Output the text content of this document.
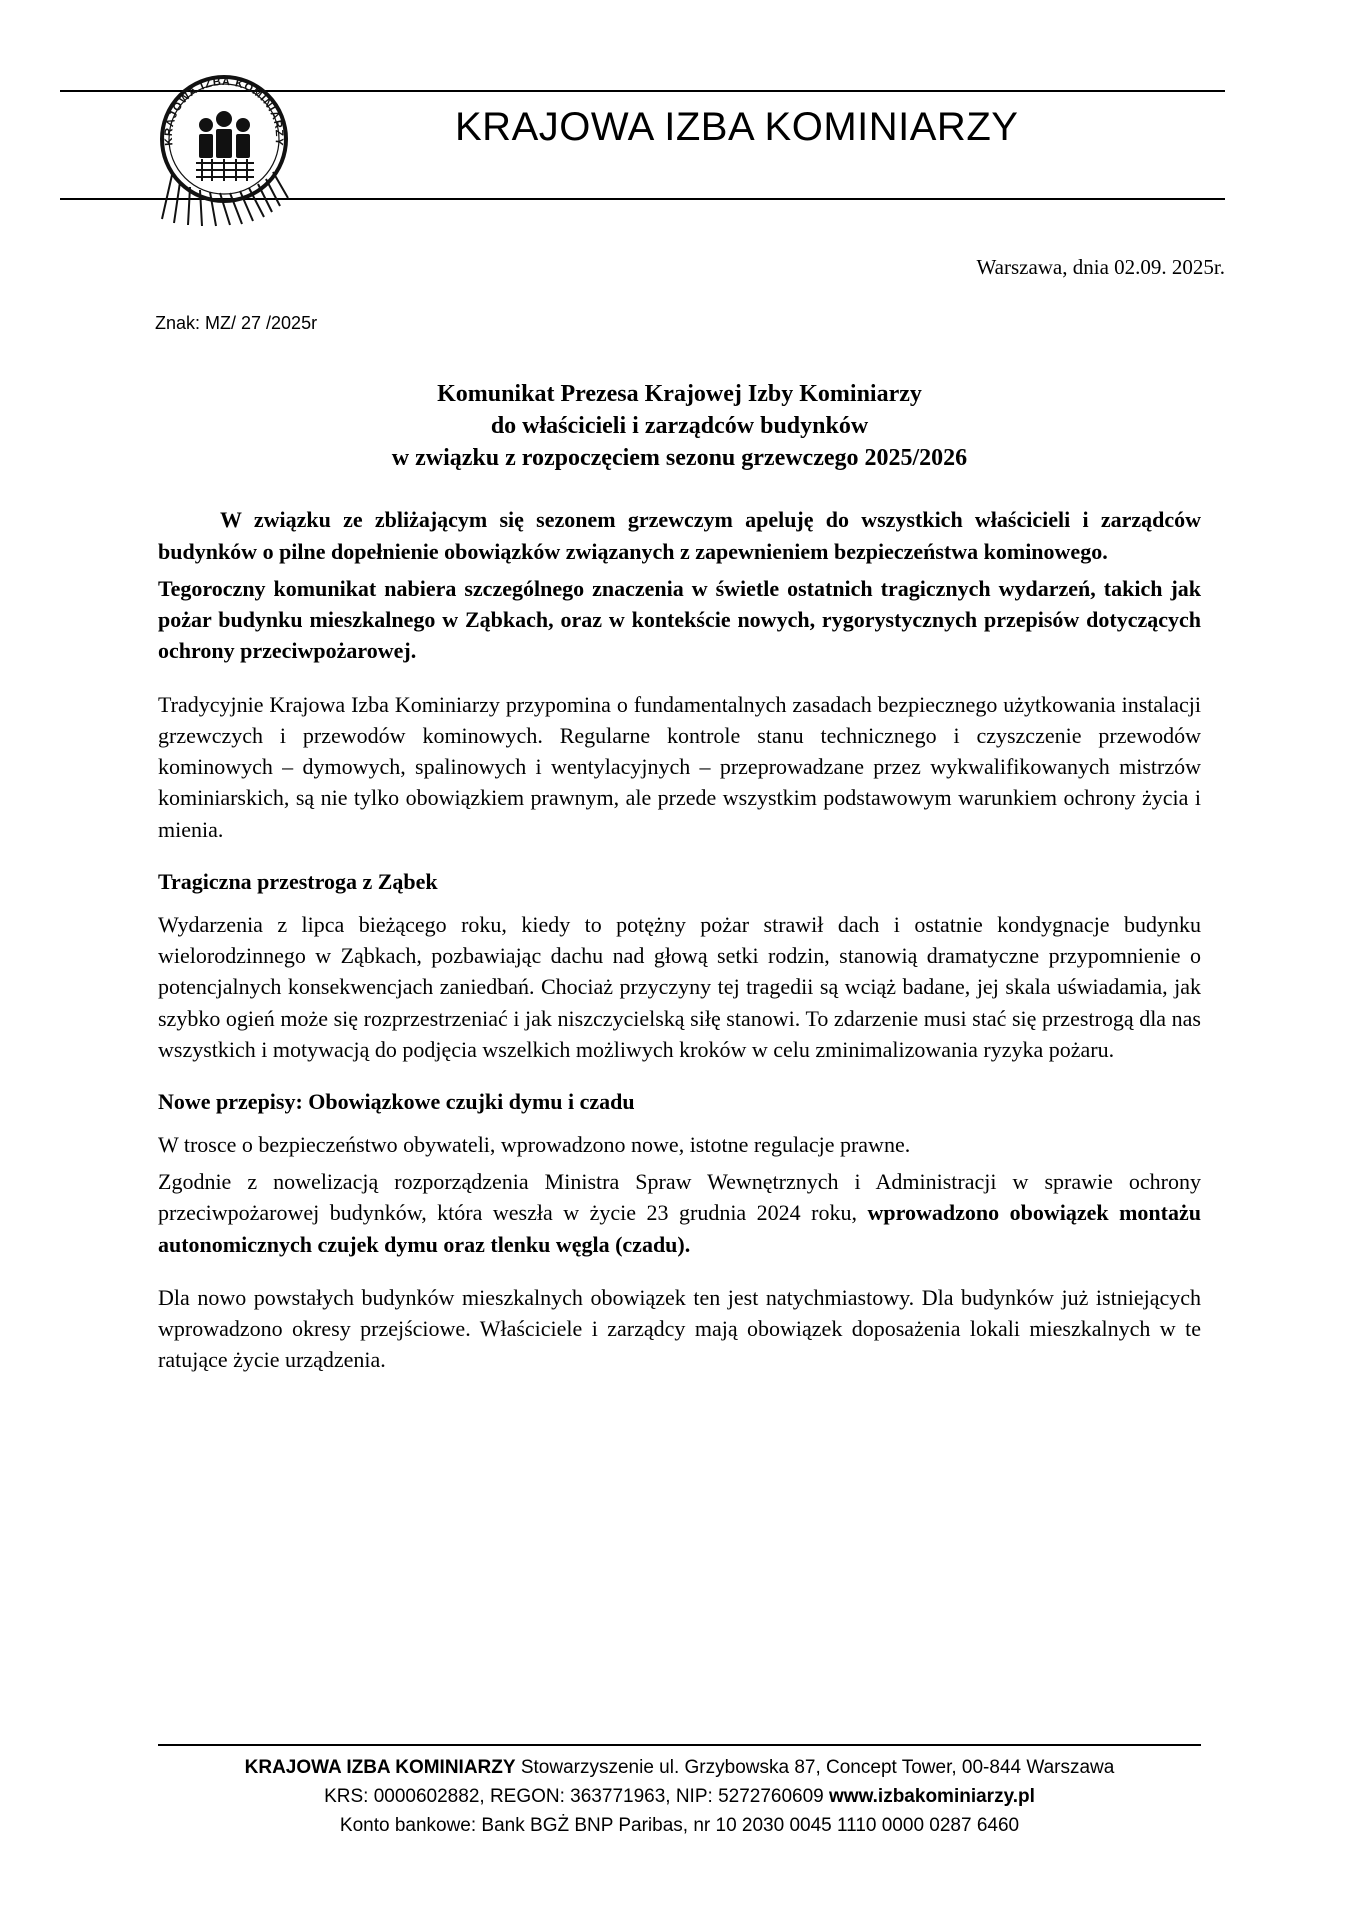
KRAJOWA IZBA KOMINIARZY	KRAJOWA IZBA KOMINIARZY
Warszawa, dnia 02.09. 2025r.
Znak: MZ/ 27 /2025r
Komunikat Prezesa Krajowej Izby Kominiarzy
do właścicieli i zarządców budynków
w związku z rozpoczęciem sezonu grzewczego 2025/2026

W związku ze zbliżającym się sezonem grzewczym apeluję do wszystkich właścicieli i zarządców budynków o pilne dopełnienie obowiązków związanych z zapewnieniem bezpieczeństwa kominowego.

Tegoroczny komunikat nabiera szczególnego znaczenia w świetle ostatnich tragicznych wydarzeń, takich jak pożar budynku mieszkalnego w Ząbkach, oraz w kontekście nowych, rygorystycznych przepisów dotyczących ochrony przeciwpożarowej.

Tradycyjnie Krajowa Izba Kominiarzy przypomina o fundamentalnych zasadach bezpiecznego użytkowania instalacji grzewczych i przewodów kominowych. Regularne kontrole stanu technicznego i czyszczenie przewodów kominowych – dymowych, spalinowych i wentylacyjnych – przeprowadzane przez wykwalifikowanych mistrzów kominiarskich, są nie tylko obowiązkiem prawnym, ale przede wszystkim podstawowym warunkiem ochrony życia i mienia.

Tragiczna przestroga z Ząbek

Wydarzenia z lipca bieżącego roku, kiedy to potężny pożar strawił dach i ostatnie kondygnacje budynku wielorodzinnego w Ząbkach, pozbawiając dachu nad głową setki rodzin, stanowią dramatyczne przypomnienie o potencjalnych konsekwencjach zaniedbań. Chociaż przyczyny tej tragedii są wciąż badane, jej skala uświadamia, jak szybko ogień może się rozprzestrzeniać i jak niszczycielską siłę stanowi. To zdarzenie musi stać się przestrogą dla nas wszystkich i motywacją do podjęcia wszelkich możliwych kroków w celu zminimalizowania ryzyka pożaru.

Nowe przepisy: Obowiązkowe czujki dymu i czadu

W trosce o bezpieczeństwo obywateli, wprowadzono nowe, istotne regulacje prawne.

Zgodnie z nowelizacją rozporządzenia Ministra Spraw Wewnętrznych i Administracji w sprawie ochrony przeciwpożarowej budynków, która weszła w życie 23 grudnia 2024 roku, wprowadzono obowiązek montażu autonomicznych czujek dymu oraz tlenku węgla (czadu).

Dla nowo powstałych budynków mieszkalnych obowiązek ten jest natychmiastowy. Dla budynków już istniejących wprowadzono okresy przejściowe. Właściciele i zarządcy mają obowiązek doposażenia lokali mieszkalnych w te ratujące życie urządzenia.

KRAJOWA IZBA KOMINIARZY Stowarzyszenie ul. Grzybowska 87, Concept Tower, 00-844 Warszawa
KRS: 0000602882, REGON: 363771963, NIP: 5272760609 www.izbakominiarzy.pl
Konto bankowe: Bank BGŻ BNP Paribas, nr 10 2030 0045 1110 0000 0287 6460
